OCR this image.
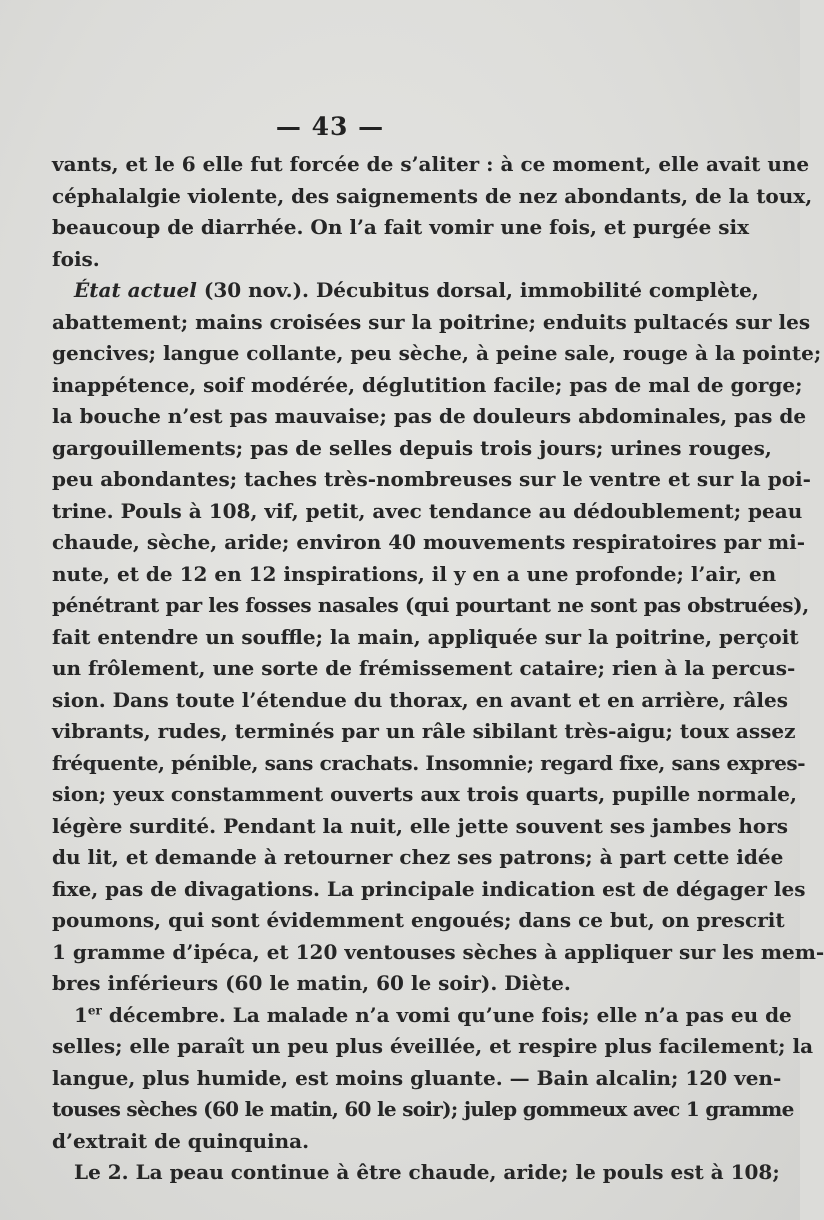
— 43 —
vants, et le 6 elle fut forcée de s’aliter : à ce moment, elle avait une
céphalalgie violente, des saignements de nez abondants, de la toux,
beaucoup de diarrhée. On l’a fait vomir une fois, et purgée six
fois.
État actuel (30 nov.). Décubitus dorsal, immobilité complète,
abattement; mains croisées sur la poitrine; enduits pultacés sur les
gencives; langue collante, peu sèche, à peine sale, rouge à la pointe;
inappétence, soif modérée, déglutition facile; pas de mal de gorge;
la bouche n’est pas mauvaise; pas de douleurs abdominales, pas de
gargouillements; pas de selles depuis trois jours; urines rouges,
peu abondantes; taches très-nombreuses sur le ventre et sur la poi-
trine. Pouls à 108, vif, petit, avec tendance au dédoublement; peau
chaude, sèche, aride; environ 40 mouvements respiratoires par mi-
nute, et de 12 en 12 inspirations, il y en a une profonde; l’air, en
pénétrant par les fosses nasales (qui pourtant ne sont pas obstruées),
fait entendre un souffle; la main, appliquée sur la poitrine, perçoit
un frôlement, une sorte de frémissement cataire; rien à la percus-
sion. Dans toute l’étendue du thorax, en avant et en arrière, râles
vibrants, rudes, terminés par un râle sibilant très-aigu; toux assez
fréquente, pénible, sans crachats. Insomnie; regard fixe, sans expres-
sion; yeux constamment ouverts aux trois quarts, pupille normale,
légère surdité. Pendant la nuit, elle jette souvent ses jambes hors
du lit, et demande à retourner chez ses patrons; à part cette idée
fixe, pas de divagations. La principale indication est de dégager les
poumons, qui sont évidemment engoués; dans ce but, on prescrit
1 gramme d’ipéca, et 120 ventouses sèches à appliquer sur les mem-
bres inférieurs (60 le matin, 60 le soir). Diète.
1er décembre. La malade n’a vomi qu’une fois; elle n’a pas eu de
selles; elle paraît un peu plus éveillée, et respire plus facilement; la
langue, plus humide, est moins gluante. — Bain alcalin; 120 ven-
touses sèches (60 le matin, 60 le soir); julep gommeux avec 1 gramme
d’extrait de quinquina.
Le 2. La peau continue à être chaude, aride; le pouls est à 108;
